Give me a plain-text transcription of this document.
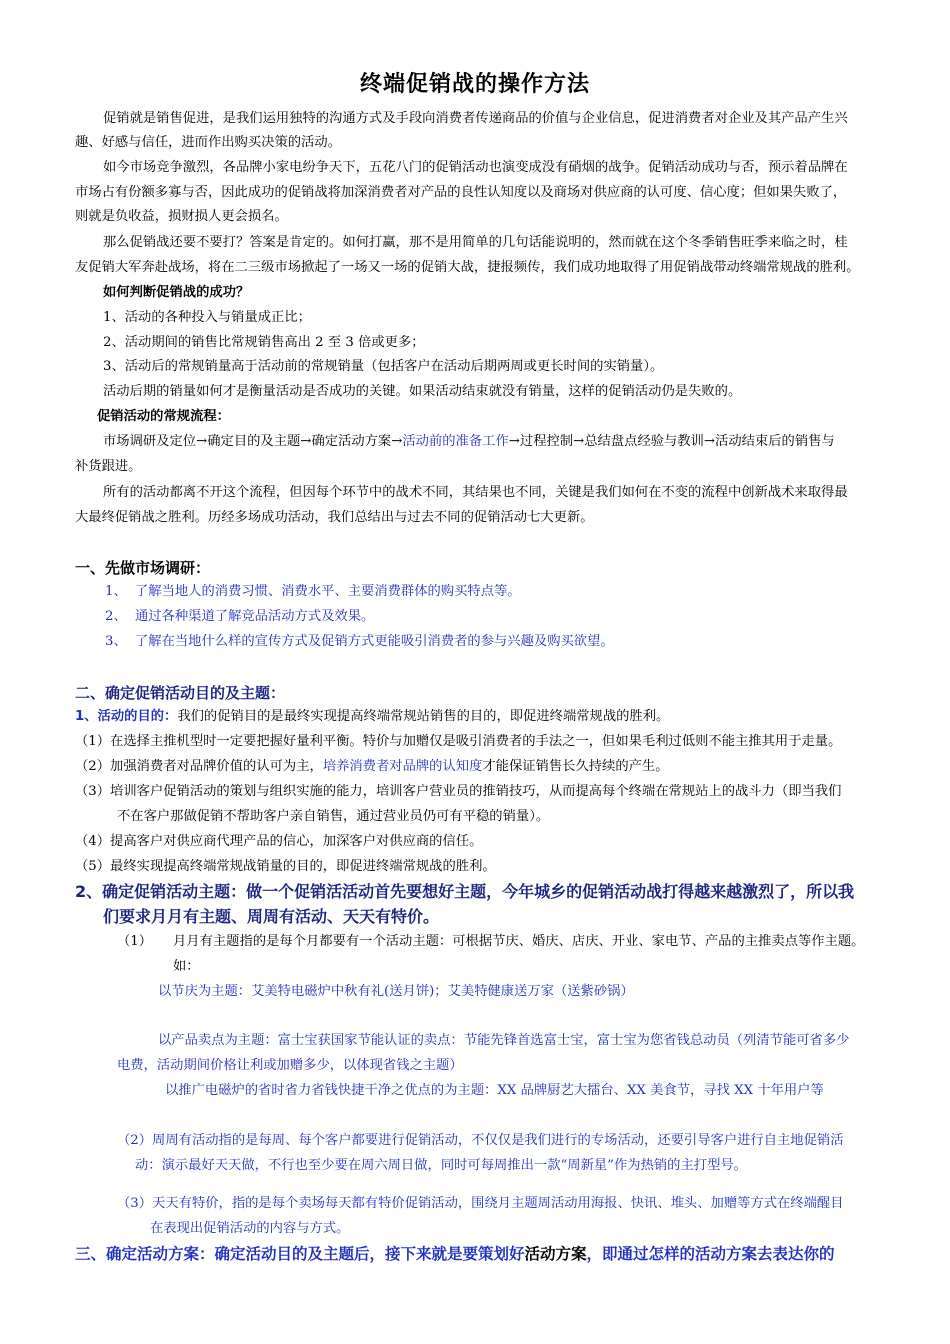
终端促销战的操作方法

促销就是销售促进，是我们运用独特的沟通方式及手段向消费者传递商品的价值与企业信息，促进消费者对企业及其产品产生兴

趣、好感与信任，进而作出购买决策的活动。

如今市场竞争激烈，各品牌小家电纷争天下，五花八门的促销活动也演变成没有硝烟的战争。促销活动成功与否，预示着品牌在

市场占有份额多寡与否，因此成功的促销战将加深消费者对产品的良性认知度以及商场对供应商的认可度、信心度；但如果失败了，

则就是负收益，损财损人更会损名。

那么促销战还要不要打？答案是肯定的。如何打赢，那不是用简单的几句话能说明的，然而就在这个冬季销售旺季来临之时，桂

友促销大军奔赴战场，将在二三级市场掀起了一场又一场的促销大战，捷报频传，我们成功地取得了用促销战带动终端常规战的胜利。

如何判断促销战的成功？

1、活动的各种投入与销量成正比；

2、活动期间的销售比常规销售高出 2 至 3 倍或更多；

3、活动后的常规销量高于活动前的常规销量（包括客户在活动后期两周或更长时间的实销量）。

活动后期的销量如何才是衡量活动是否成功的关键。如果活动结束就没有销量，这样的促销活动仍是失败的。

促销活动的常规流程：

市场调研及定位→确定目的及主题→确定活动方案→活动前的准备工作→过程控制→总结盘点经验与教训→活动结束后的销售与

补货跟进。

所有的活动都离不开这个流程，但因每个环节中的战术不同，其结果也不同，关键是我们如何在不变的流程中创新战术来取得最

大最终促销战之胜利。历经多场成功活动，我们总结出与过去不同的促销活动七大更新。

一、先做市场调研：

1、 了解当地人的消费习惯、消费水平、主要消费群体的购买特点等。

2、 通过各种渠道了解竞品活动方式及效果。

3、 了解在当地什么样的宣传方式及促销方式更能吸引消费者的参与兴趣及购买欲望。

二、确定促销活动目的及主题：

1、活动的目的：我们的促销目的是最终实现提高终端常规站销售的目的，即促进终端常规战的胜利。

（1）在选择主推机型时一定要把握好量利平衡。特价与加赠仅是吸引消费者的手法之一，但如果毛利过低则不能主推其用于走量。

（2）加强消费者对品牌价值的认可为主，培养消费者对品牌的认知度才能保证销售长久持续的产生。

（3）培训客户促销活动的策划与组织实施的能力，培训客户营业员的推销技巧，从而提高每个终端在常规站上的战斗力（即当我们

不在客户那做促销不帮助客户亲自销售，通过营业员仍可有平稳的销量）。

（4）提高客户对供应商代理产品的信心，加深客户对供应商的信任。

（5）最终实现提高终端常规战销量的目的，即促进终端常规战的胜利。

2、确定促销活动主题：做一个促销活活动首先要想好主题，今年城乡的促销活动战打得越来越激烈了，所以我

们要求月月有主题、周周有活动、天天有特价。

（1） 月月有主题指的是每个月都要有一个活动主题：可根据节庆、婚庆、店庆、开业、家电节、产品的主推卖点等作主题。

如：

以节庆为主题：艾美特电磁炉中秋有礼(送月饼)；艾美特健康送万家（送紫砂锅）

以产品卖点为主题：富士宝获国家节能认证的卖点：节能先锋首选富士宝，富士宝为您省钱总动员（列清节能可省多少

电费，活动期间价格让利或加赠多少，以体现省钱之主题）

以推广电磁炉的省时省力省钱快捷干净之优点的为主题：XX 品牌厨艺大擂台、XX 美食节，寻找 XX 十年用户等

（2）周周有活动指的是每周、每个客户都要进行促销活动，不仅仅是我们进行的专场活动，还要引导客户进行自主地促销活

动：演示最好天天做，不行也至少要在周六周日做，同时可每周推出一款“周新星”作为热销的主打型号。

（3）天天有特价，指的是每个卖场每天都有特价促销活动，围绕月主题周活动用海报、快讯、堆头、加赠等方式在终端醒目

在表现出促销活动的内容与方式。

三、确定活动方案：确定活动目的及主题后，接下来就是要策划好活动方案，即通过怎样的活动方案去表达你的
